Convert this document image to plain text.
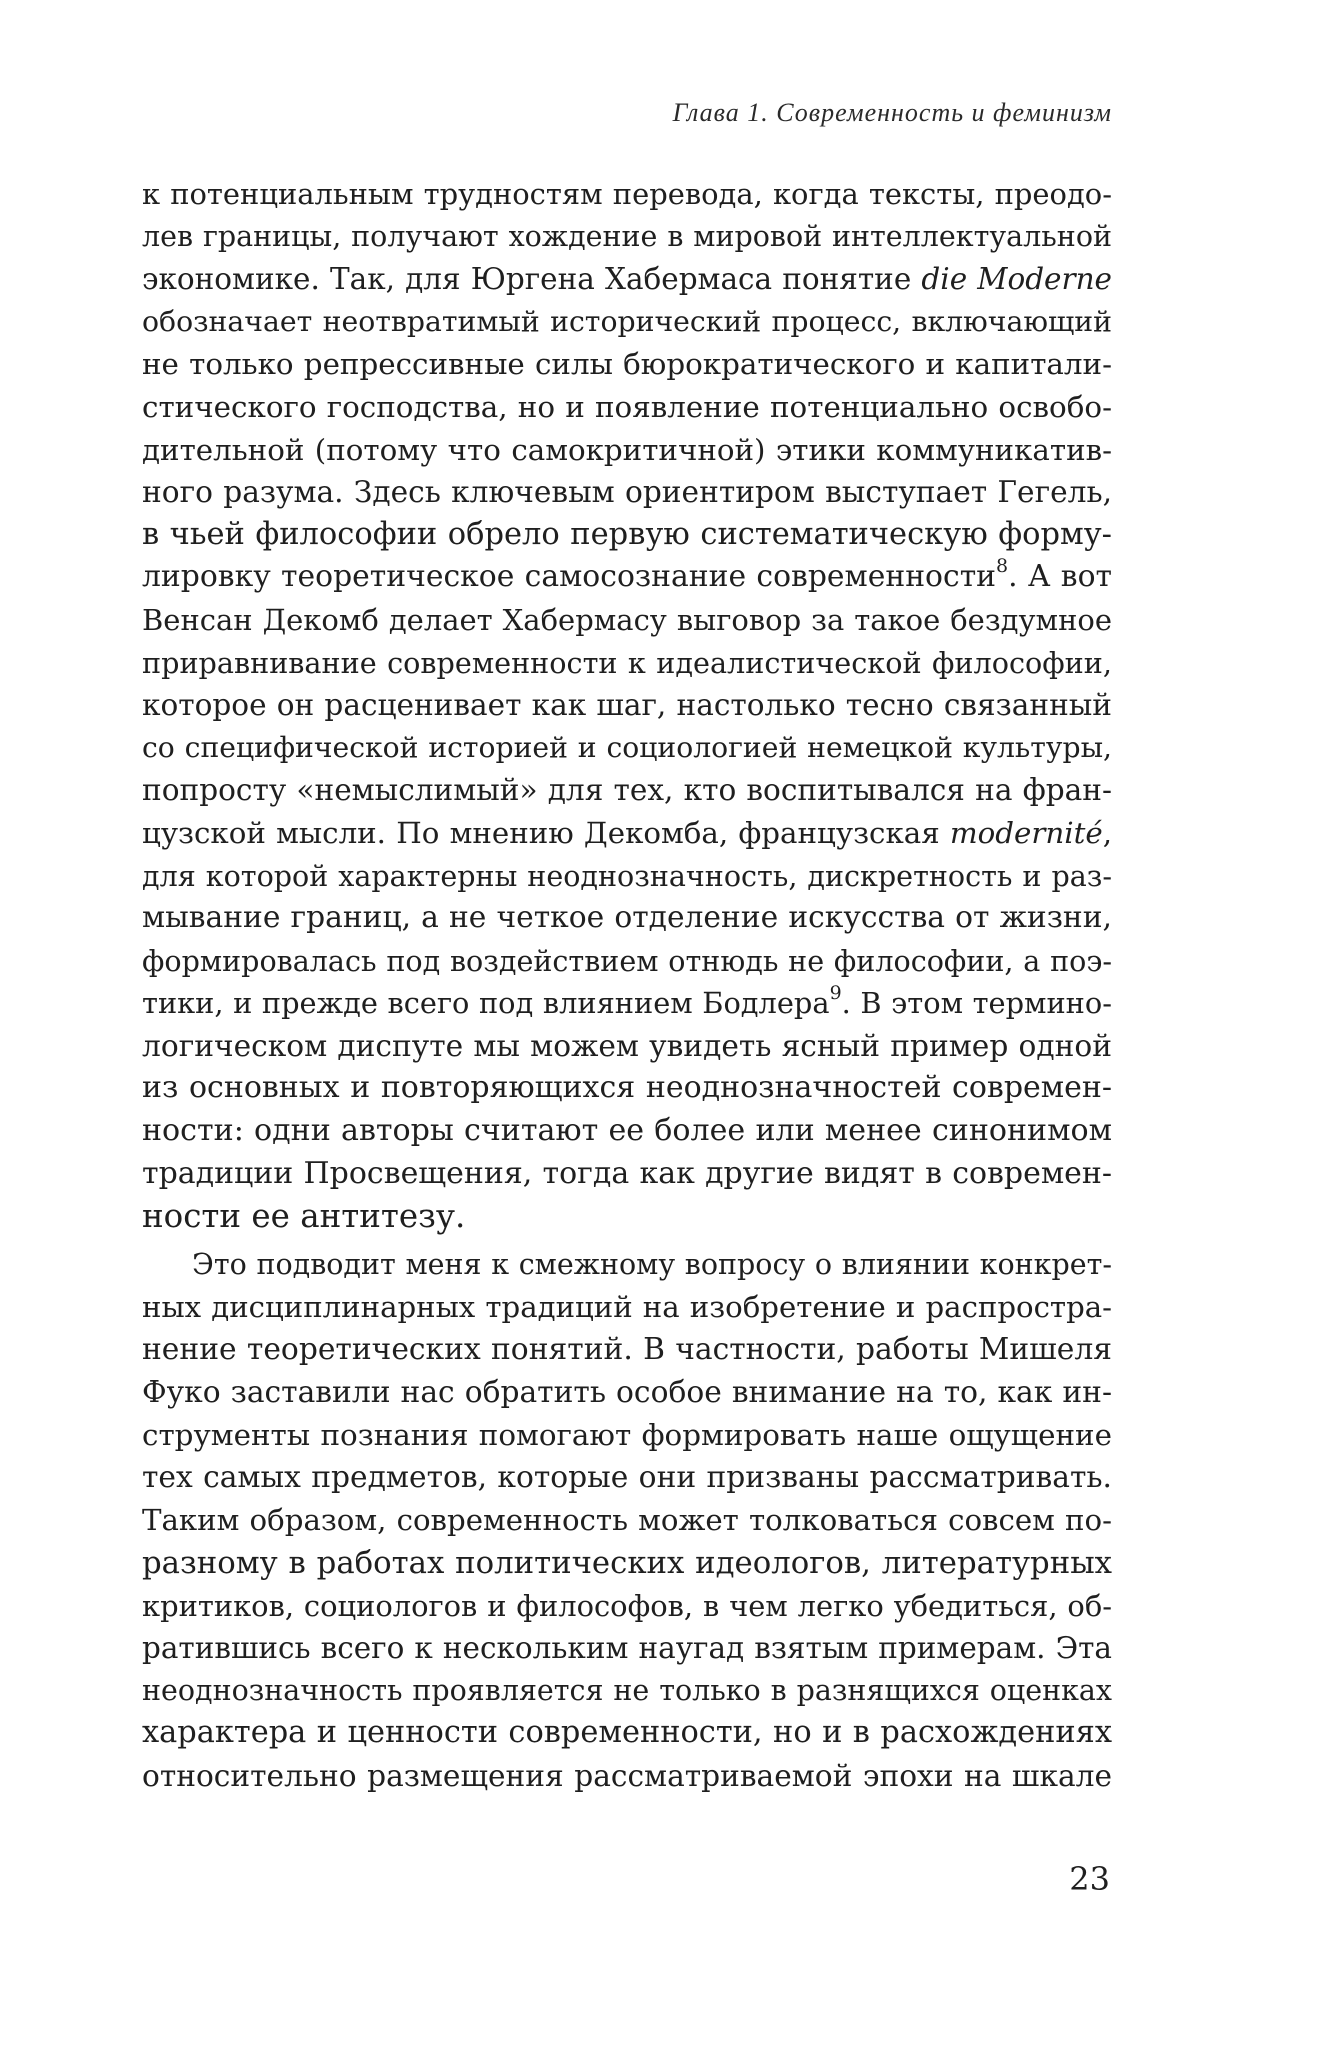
Глава 1. Современность и феминизм
к потенциальным трудностям перевода, когда тексты, преодо-
лев границы, получают хождение в мировой интеллектуальной
экономике. Так, для Юргена Хабермаса понятие die Moderne
обозначает неотвратимый исторический процесс, включающий
не только репрессивные силы бюрократического и капитали-
стического господства, но и появление потенциально освобо-
дительной (потому что самокритичной) этики коммуникатив-
ного разума. Здесь ключевым ориентиром выступает Гегель,
в чьей философии обрело первую систематическую форму-
лировку теоретическое самосознание современности$^8$. А вот
Венсан Декомб делает Хабермасу выговор за такое бездумное
приравнивание современности к идеалистической философии,
которое он расценивает как шаг, настолько тесно связанный
со специфической историей и социологией немецкой культуры,
попросту «немыслимый» для тех, кто воспитывался на фран-
цузской мысли. По мнению Декомба, французская modernité,
для которой характерны неоднозначность, дискретность и раз-
мывание границ, а не четкое отделение искусства от жизни,
формировалась под воздействием отнюдь не философии, а поэ-
тики, и прежде всего под влиянием Бодлера$^9$. В этом термино-
логическом диспуте мы можем увидеть ясный пример одной
из основных и повторяющихся неоднозначностей современ-
ности: одни авторы считают ее более или менее синонимом
традиции Просвещения, тогда как другие видят в современ-
ности ее антитезу.
Это подводит меня к смежному вопросу о влиянии конкрет-
ных дисциплинарных традиций на изобретение и распростра-
нение теоретических понятий. В частности, работы Мишеля
Фуко заставили нас обратить особое внимание на то, как ин-
струменты познания помогают формировать наше ощущение
тех самых предметов, которые они призваны рассматривать.
Таким образом, современность может толковаться совсем по-
разному в работах политических идеологов, литературных
критиков, социологов и философов, в чем легко убедиться, об-
ратившись всего к нескольким наугад взятым примерам. Эта
неоднозначность проявляется не только в разнящихся оценках
характера и ценности современности, но и в расхождениях
относительно размещения рассматриваемой эпохи на шкале
23
